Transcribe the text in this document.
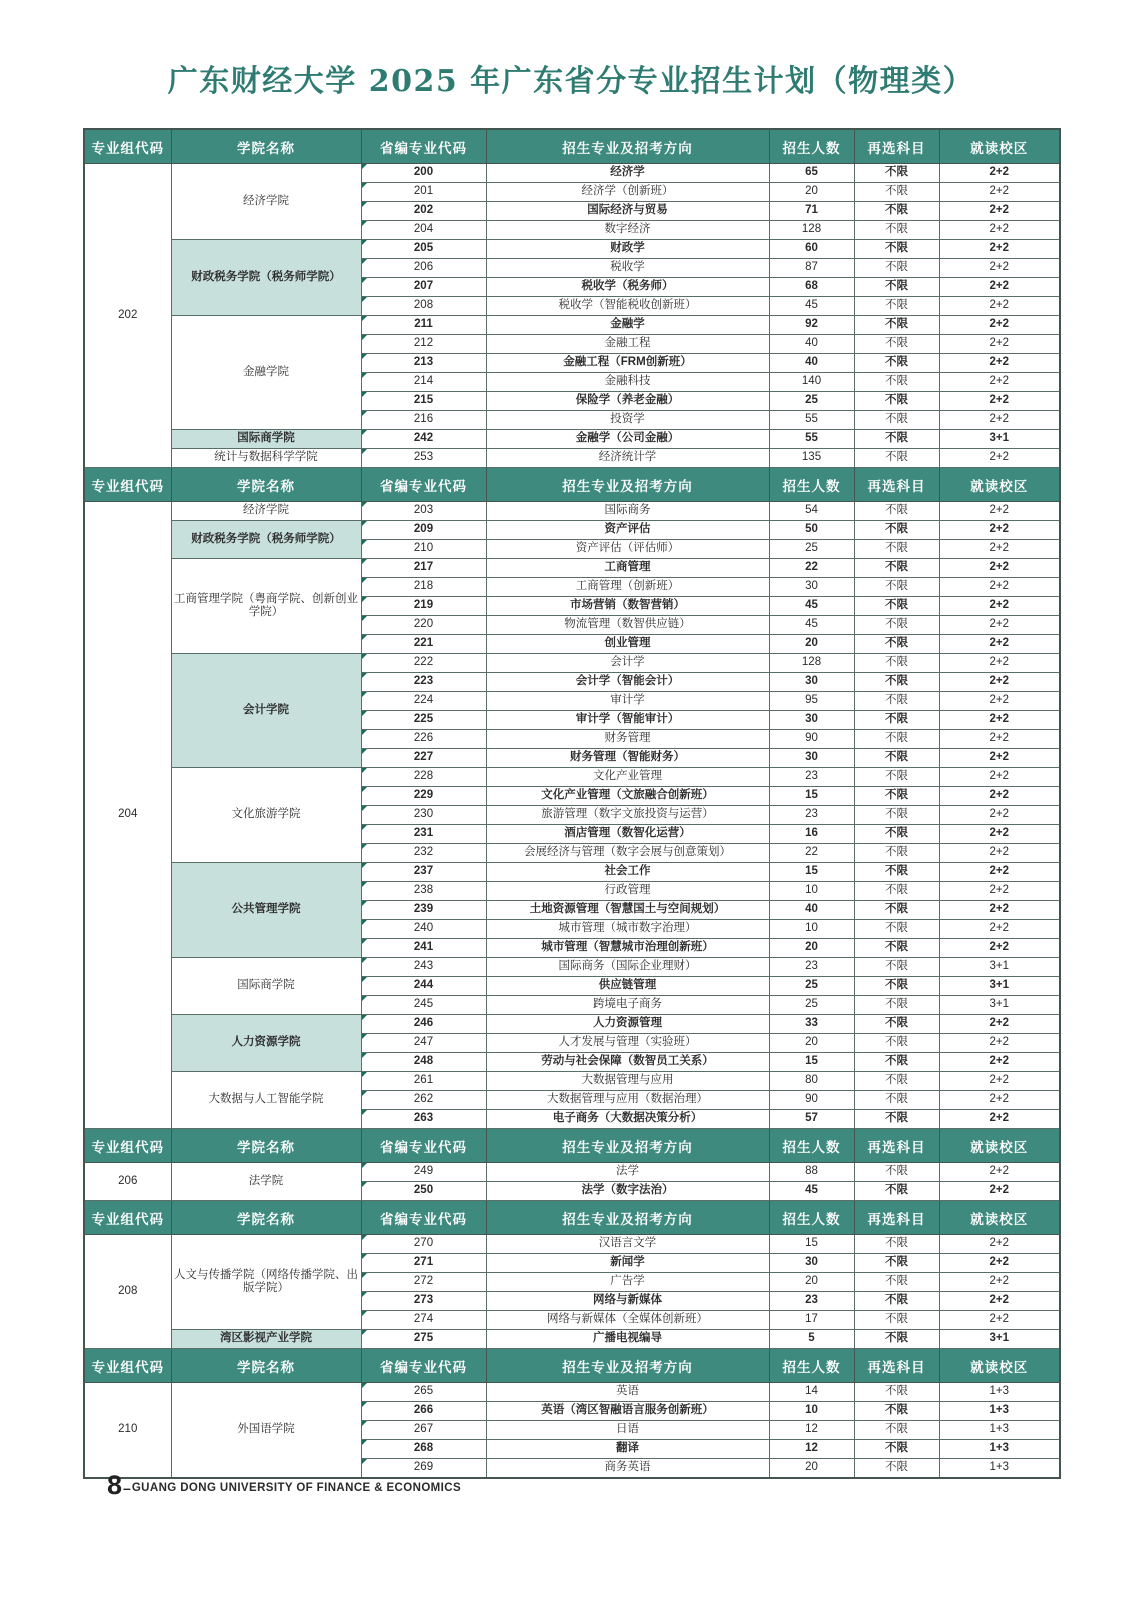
广东财经大学 2025 年广东省分专业招生计划（物理类）
专业组代码	学院名称	省编专业代码	招生专业及招考方向	招生人数	再选科目	就读校区
202	经济学院	200	经济学	65	不限	2+2
		201	经济学（创新班）	20	不限	2+2
		202	国际经济与贸易	71	不限	2+2
		204	数字经济	128	不限	2+2
	财政税务学院（税务师学院）	205	财政学	60	不限	2+2
		206	税收学	87	不限	2+2
		207	税收学（税务师）	68	不限	2+2
		208	税收学（智能税收创新班）	45	不限	2+2
	金融学院	211	金融学	92	不限	2+2
		212	金融工程	40	不限	2+2
		213	金融工程（FRM创新班）	40	不限	2+2
		214	金融科技	140	不限	2+2
		215	保险学（养老金融）	25	不限	2+2
		216	投资学	55	不限	2+2
	国际商学院	242	金融学（公司金融）	55	不限	3+1
	统计与数据科学学院	253	经济统计学	135	不限	2+2
专业组代码	学院名称	省编专业代码	招生专业及招考方向	招生人数	再选科目	就读校区
204	经济学院	203	国际商务	54	不限	2+2
	财政税务学院（税务师学院）	209	资产评估	50	不限	2+2
		210	资产评估（评估师）	25	不限	2+2
	工商管理学院（粤商学院、创新创业学院）	217	工商管理	22	不限	2+2
		218	工商管理（创新班）	30	不限	2+2
		219	市场营销（数智营销）	45	不限	2+2
		220	物流管理（数智供应链）	45	不限	2+2
		221	创业管理	20	不限	2+2
	会计学院	222	会计学	128	不限	2+2
		223	会计学（智能会计）	30	不限	2+2
		224	审计学	95	不限	2+2
		225	审计学（智能审计）	30	不限	2+2
		226	财务管理	90	不限	2+2
		227	财务管理（智能财务）	30	不限	2+2
	文化旅游学院	228	文化产业管理	23	不限	2+2
		229	文化产业管理（文旅融合创新班）	15	不限	2+2
		230	旅游管理（数字文旅投资与运营）	23	不限	2+2
		231	酒店管理（数智化运营）	16	不限	2+2
		232	会展经济与管理（数字会展与创意策划）	22	不限	2+2
	公共管理学院	237	社会工作	15	不限	2+2
		238	行政管理	10	不限	2+2
		239	土地资源管理（智慧国土与空间规划）	40	不限	2+2
		240	城市管理（城市数字治理）	10	不限	2+2
		241	城市管理（智慧城市治理创新班）	20	不限	2+2
	国际商学院	243	国际商务（国际企业理财）	23	不限	3+1
		244	供应链管理	25	不限	3+1
		245	跨境电子商务	25	不限	3+1
	人力资源学院	246	人力资源管理	33	不限	2+2
		247	人才发展与管理（实验班）	20	不限	2+2
		248	劳动与社会保障（数智员工关系）	15	不限	2+2
	大数据与人工智能学院	261	大数据管理与应用	80	不限	2+2
		262	大数据管理与应用（数据治理）	90	不限	2+2
		263	电子商务（大数据决策分析）	57	不限	2+2
专业组代码	学院名称	省编专业代码	招生专业及招考方向	招生人数	再选科目	就读校区
206	法学院	249	法学	88	不限	2+2
		250	法学（数字法治）	45	不限	2+2
专业组代码	学院名称	省编专业代码	招生专业及招考方向	招生人数	再选科目	就读校区
208	人文与传播学院（网络传播学院、出版学院）	270	汉语言文学	15	不限	2+2
		271	新闻学	30	不限	2+2
		272	广告学	20	不限	2+2
		273	网络与新媒体	23	不限	2+2
		274	网络与新媒体（全媒体创新班）	17	不限	2+2
	湾区影视产业学院	275	广播电视编导	5	不限	3+1
专业组代码	学院名称	省编专业代码	招生专业及招考方向	招生人数	再选科目	就读校区
210	外国语学院	265	英语	14	不限	1+3
		266	英语（湾区智融语言服务创新班）	10	不限	1+3
		267	日语	12	不限	1+3
		268	翻译	12	不限	1+3
		269	商务英语	20	不限	1+3
8 – GUANG DONG UNIVERSITY OF FINANCE & ECONOMICS
